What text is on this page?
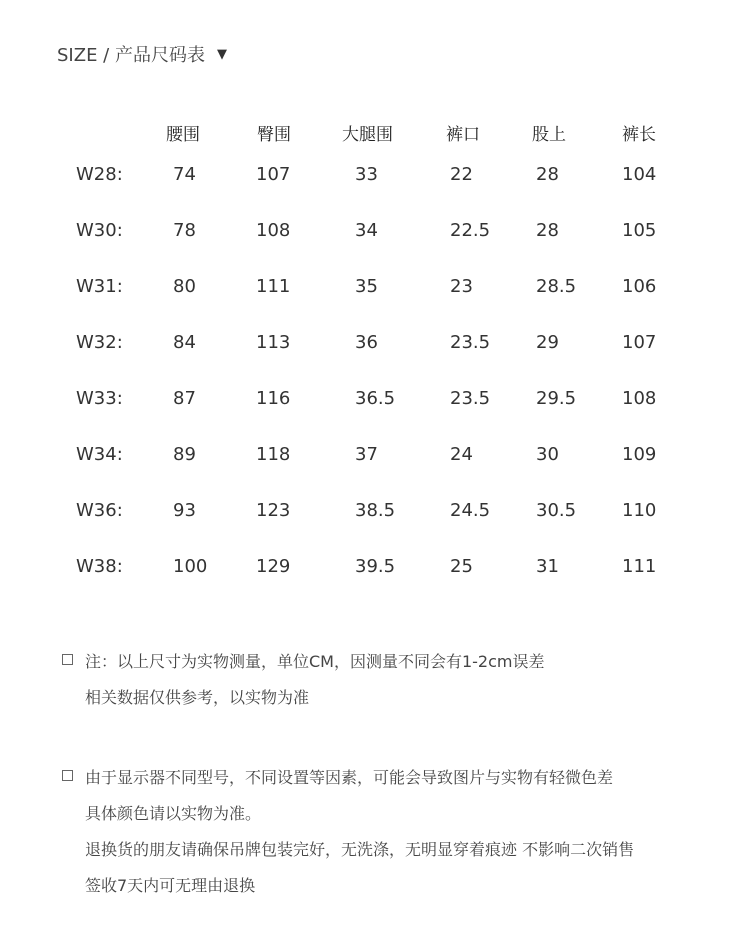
SIZE / 产品尺码表 ▼
腰围	臀围	大腿围	裤口	股上	裤长
W28:	74	107	33	22	28	104
W30:	78	108	34	22.5	28	105
W31:	80	111	35	23	28.5	106
W32:	84	113	36	23.5	29	107
W33:	87	116	36.5	23.5	29.5	108
W34:	89	118	37	24	30	109
W36:	93	123	38.5	24.5	30.5	110
W38:	100	129	39.5	25	31	111
注：以上尺寸为实物测量，单位CM，因测量不同会有1-2cm误差
相关数据仅供参考，以实物为准
由于显示器不同型号，不同设置等因素，可能会导致图片与实物有轻微色差
具体颜色请以实物为准。
退换货的朋友请确保吊牌包装完好，无洗涤，无明显穿着痕迹 不影响二次销售
签收7天内可无理由退换
